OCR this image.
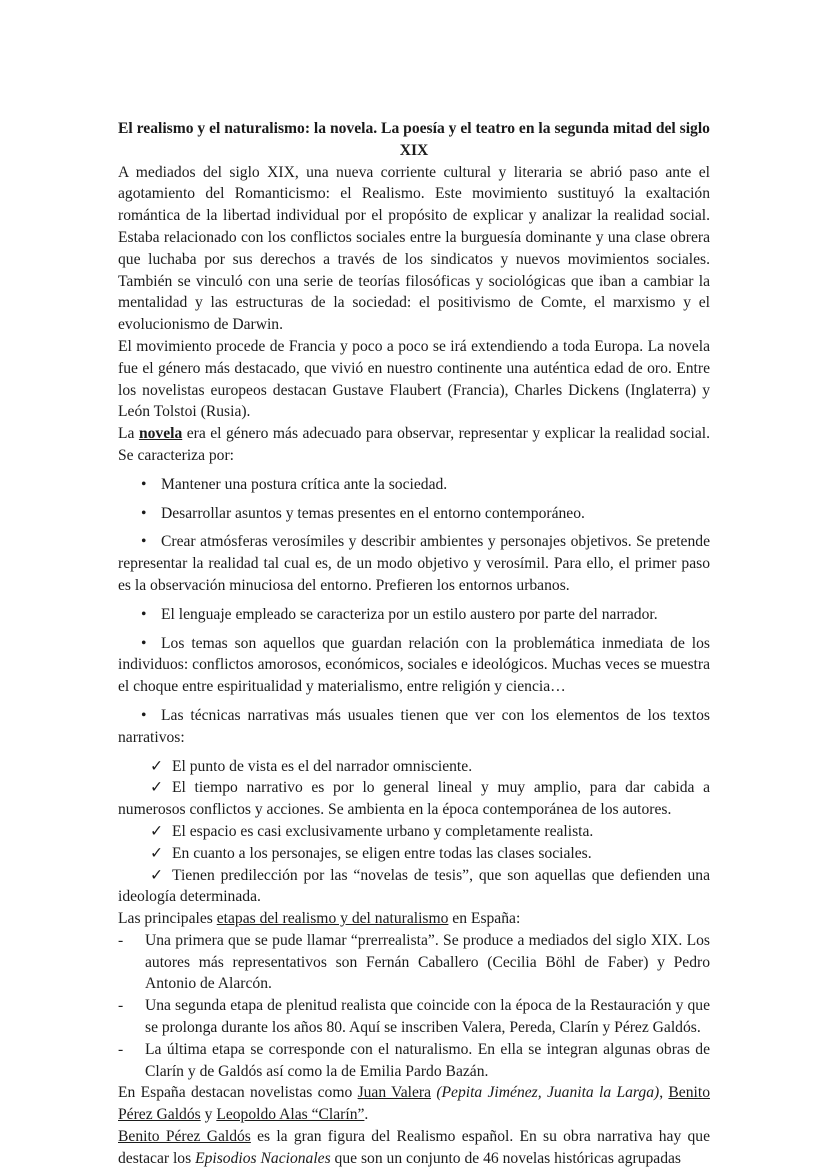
El realismo y el naturalismo: la novela. La poesía y el teatro en la segunda mitad del siglo XIX
A mediados del siglo XIX, una nueva corriente cultural y literaria se abrió paso ante el agotamiento del Romanticismo: el Realismo. Este movimiento sustituyó la exaltación romántica de la libertad individual por el propósito de explicar y analizar la realidad social. Estaba relacionado con los conflictos sociales entre la burguesía dominante y una clase obrera que luchaba por sus derechos a través de los sindicatos y nuevos movimientos sociales. También se vinculó con una serie de teorías filosóficas y sociológicas que iban a cambiar la mentalidad y las estructuras de la sociedad: el positivismo de Comte, el marxismo y el evolucionismo de Darwin.
El movimiento procede de Francia y poco a poco se irá extendiendo a toda Europa. La novela fue el género más destacado, que vivió en nuestro continente una auténtica edad de oro. Entre los novelistas europeos destacan Gustave Flaubert (Francia), Charles Dickens (Inglaterra) y León Tolstoi (Rusia).
La novela era el género más adecuado para observar, representar y explicar la realidad social. Se caracteriza por:
• Mantener una postura crítica ante la sociedad.
• Desarrollar asuntos y temas presentes en el entorno contemporáneo.
• Crear atmósferas verosímiles y describir ambientes y personajes objetivos. Se pretende representar la realidad tal cual es, de un modo objetivo y verosímil. Para ello, el primer paso es la observación minuciosa del entorno. Prefieren los entornos urbanos.
• El lenguaje empleado se caracteriza por un estilo austero por parte del narrador.
• Los temas son aquellos que guardan relación con la problemática inmediata de los individuos: conflictos amorosos, económicos, sociales e ideológicos. Muchas veces se muestra el choque entre espiritualidad y materialismo, entre religión y ciencia…
• Las técnicas narrativas más usuales tienen que ver con los elementos de los textos narrativos:
✓ El punto de vista es el del narrador omnisciente.
✓ El tiempo narrativo es por lo general lineal y muy amplio, para dar cabida a numerosos conflictos y acciones. Se ambienta en la época contemporánea de los autores.
✓ El espacio es casi exclusivamente urbano y completamente realista.
✓ En cuanto a los personajes, se eligen entre todas las clases sociales.
✓ Tienen predilección por las “novelas de tesis”, que son aquellas que defienden una ideología determinada.
Las principales etapas del realismo y del naturalismo en España:
- Una primera que se pude llamar “prerrealista”. Se produce a mediados del siglo XIX. Los autores más representativos son Fernán Caballero (Cecilia Böhl de Faber) y Pedro Antonio de Alarcón.
- Una segunda etapa de plenitud realista que coincide con la época de la Restauración y que se prolonga durante los años 80. Aquí se inscriben Valera, Pereda, Clarín y Pérez Galdós.
- La última etapa se corresponde con el naturalismo. En ella se integran algunas obras de Clarín y de Galdós así como la de Emilia Pardo Bazán.
En España destacan novelistas como Juan Valera (Pepita Jiménez, Juanita la Larga), Benito Pérez Galdós y Leopoldo Alas “Clarín”.
Benito Pérez Galdós es la gran figura del Realismo español. En su obra narrativa hay que destacar los Episodios Nacionales que son un conjunto de 46 novelas históricas agrupadas
